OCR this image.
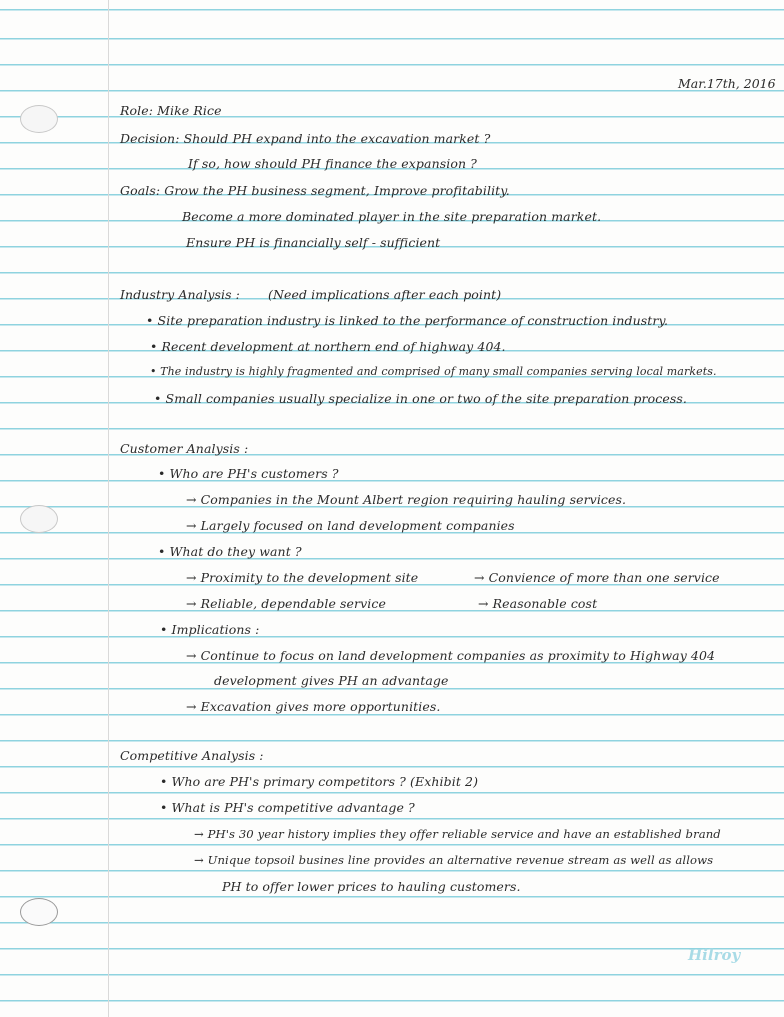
Mar.17th, 2016
Role: Mike Rice
Decision: Should PH expand into the excavation market ?
If so, how should PH finance the expansion ?
Goals: Grow the PH business segment, Improve profitability.
Become a more dominated player in the site preparation market.
Ensure PH is financially self - sufficient
Industry Analysis : (Need implications after each point)
• Site preparation industry is linked to the performance of construction industry.
• Recent development at northern end of highway 404.
• The industry is highly fragmented and comprised of many small companies serving local markets.
• Small companies usually specialize in one or two of the site preparation process.
Customer Analysis :
• Who are PH's customers ?
→ Companies in the Mount Albert region requiring hauling services.
→ Largely focused on land development companies
• What do they want ?
→ Proximity to the development site	→ Convience of more than one service
→ Reliable, dependable service	→ Reasonable cost
• Implications :
→ Continue to focus on land development companies as proximity to Highway 404
development gives PH an advantage
→ Excavation gives more opportunities.
Competitive Analysis :
• Who are PH's primary competitors ? (Exhibit 2)
• What is PH's competitive advantage ?
→ PH's 30 year history implies they offer reliable service and have an established brand
→ Unique topsoil busines line provides an alternative revenue stream as well as allows
PH to offer lower prices to hauling customers.
Hilroy
